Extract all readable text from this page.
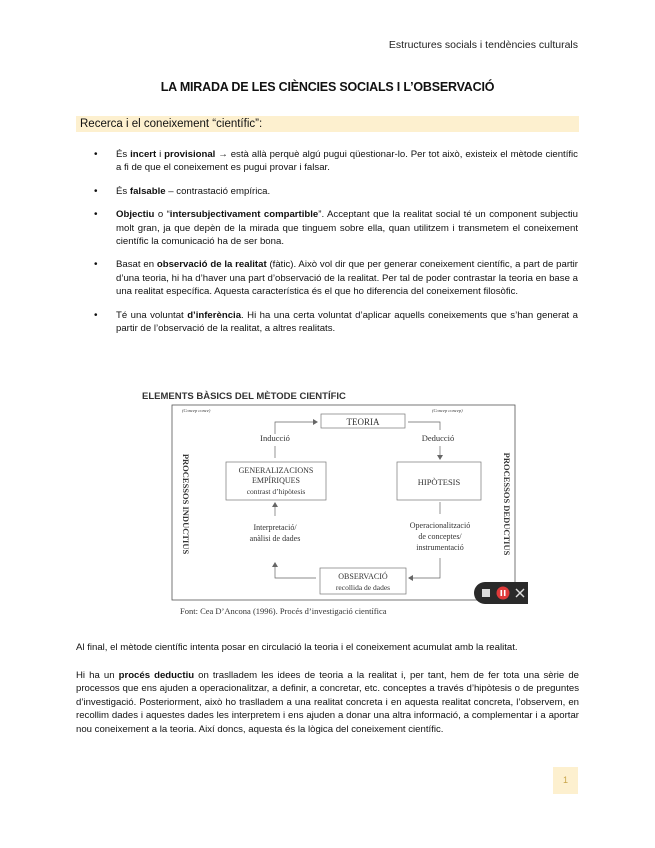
Estructures socials i tendències culturals
LA MIRADA DE LES CIÈNCIES SOCIALS I L’OBSERVACIÓ
Recerca i el coneixement “científic”:
• És incert i provisional → està allà perquè algú pugui qüestionar-lo. Per tot això, existeix el mètode científic a fi de que el coneixement es pugui provar i falsar.
• És falsable – contrastació empírica.
• Objectiu o “intersubjectivament compartible”. Acceptant que la realitat social té un component subjectiu molt gran, ja que depèn de la mirada que tinguem sobre ella, quan utilitzem i transmetem el coneixement científic la comunicació ha de ser bona.
• Basat en observació de la realitat (fàtic). Això vol dir que per generar coneixement científic, a part de partir d’una teoria, hi ha d’haver una part d’observació de la realitat. Per tal de poder contrastar la teoria en base a una realitat específica. Aquesta característica és el que ho diferencia del coneixement filosòfic.
• Té una voluntat d’inferència. Hi ha una certa voluntat d’aplicar aquells coneixements que s’han generat a partir de l’observació de la realitat, a altres realitats.
ELEMENTS BÀSICS DEL MÈTODE CIENTÍFIC
(Concep conce)	(Concep concep)
TEORIA
Inducció	Deducció
GENERALIZACIONS
EMPÍRIQUES
contrast d’hipòtesis
HIPÒTESIS
Interpretació/
anàlisi de dades
Operacionalització
de conceptes/
instrumentació
OBSERVACIÓ
recollida de dades
PROCESSOS INDUCTIUS	PROCESSOS DEDUCTIUS
Font: Cea D’Ancona (1996). Procés d’investigació científica
Al final, el mètode científic intenta posar en circulació la teoria i el coneixement acumulat amb la realitat.
Hi ha un procés deductiu on traslladem les idees de teoria a la realitat i, per tant, hem de fer tota una sèrie de processos que ens ajuden a operacionalitzar, a definir, a concretar, etc. conceptes a través d’hipòtesis o de preguntes d’investigació. Posteriorment, això ho traslladem a una realitat concreta i en aquesta realitat concreta, l’observem, en recollim dades i aquestes dades les interpretem i ens ajuden a donar una altra informació, a complementar i a aportar nou coneixement a la teoria. Així doncs, aquesta és la lògica del coneixement científic.
1
